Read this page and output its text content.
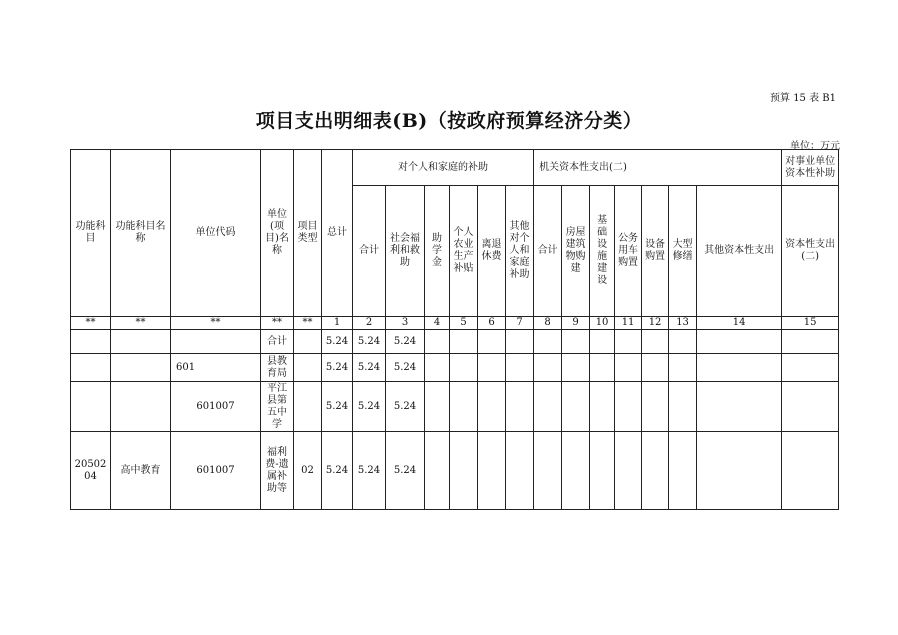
预算 15 表 B1
项目支出明细表(B)（按政府预算经济分类）
单位：万元
功能科目	功能科目名称	单位代码	单位(项目)名称	项目类型	总计	对个人和家庭的补助						机关资本性支出(二)							对事业单位资本性补助
						合计	社会福利和救助	助学金	个人农业生产补贴	离退休费	其他对个人和家庭补助	合计	房屋建筑物购建	基础设施建设	公务用车购置	设备购置	大型修缮	其他资本性支出	资本性支出(二)
**	**	**	**	**	1	2	3	4	5	6	7	8	9	10	11	12	13	14	15
			合计		5.24	5.24	5.24												
		601	县教育局		5.24	5.24	5.24												
		601007	平江县第五中学		5.24	5.24	5.24												
2050204	高中教育	601007	福利费-遗属补助等	02	5.24	5.24	5.24												
